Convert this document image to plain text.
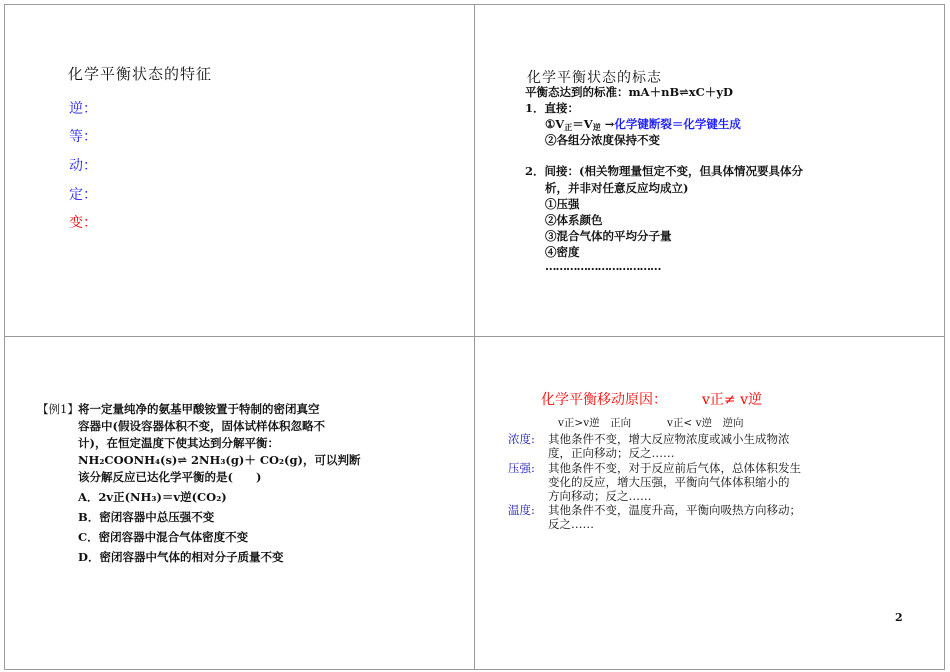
化学平衡状态的特征
逆：
等：
动：
定：
变：
化学平衡状态的标志
平衡态达到的标准：mA＋nB⇌xC＋yD
1．直接：
$①V_正=V_逆$ →化学键断裂＝化学键生成
②各组分浓度保持不变
2．间接：(相关物理量恒定不变，但具体情况要具体分
析，并非对任意反应均成立)
①压强
②体系颜色
③混合气体的平均分子量
④密度
……………………………
【例1】 将一定量纯净的氨基甲酸铵置于特制的密闭真空
容器中(假设容器体积不变，固体试样体积忽略不
计)，在恒定温度下使其达到分解平衡：
NH₂COONH₄(s)⇌ 2NH₃(g)＋ CO₂(g)，可以判断
该分解反应已达化学平衡的是(　　)
A．2v正(NH₃)＝v逆(CO₂)
B．密闭容器中总压强不变
C．密闭容器中混合气体密度不变
D．密闭容器中气体的相对分子质量不变
化学平衡移动原因：	v正≠ v逆
v正>v逆　正向	v正< v逆　逆向
浓度: 其他条件不变，增大反应物浓度或减小生成物浓
度，正向移动；反之……
压强: 其他条件不变，对于反应前后气体，总体体积发生
变化的反应，增大压强，平衡向气体体积缩小的
方向移动；反之……
温度: 其他条件不变，温度升高，平衡向吸热方向移动；
反之……
2
